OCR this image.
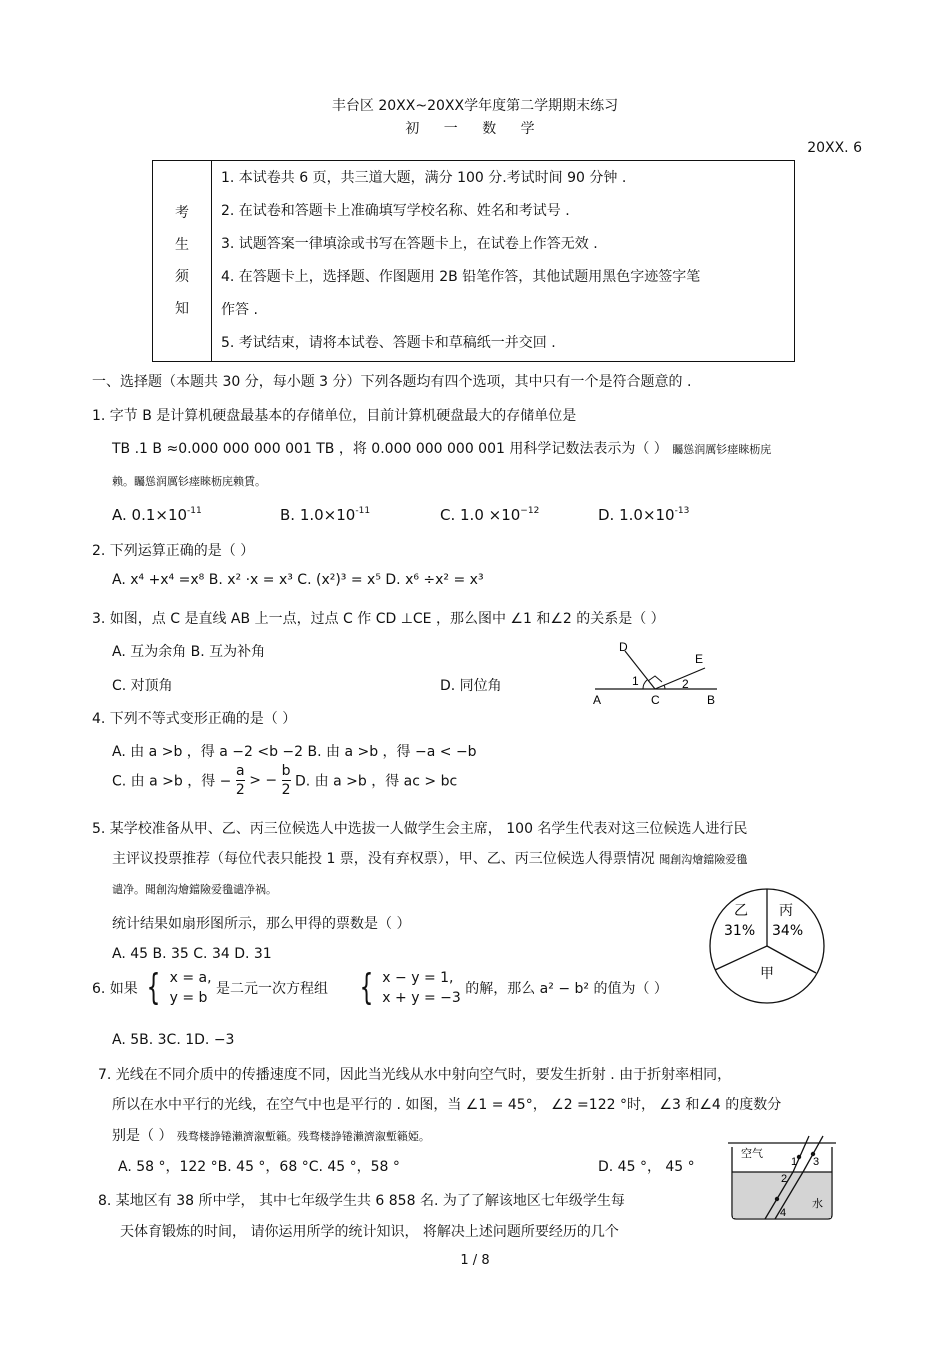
丰台区 20XX~20XX学年度第二学期期末练习
初 一 数 学
20XX. 6
考
生
须
知

1. 本试卷共 6 页，共三道大题，满分 100 分.考试时间 90 分钟 .
2. 在试卷和答题卡上准确填写学校名称、姓名和考试号 .
3. 试题答案一律填涂或书写在答题卡上，在试卷上作答无效 .
4. 在答题卡上，选择题、作图题用 2B 铅笔作答，其他试题用黑色字迹签字笔
作答 .
5. 考试结束，请将本试卷、答题卡和草稿纸一并交回 .
一、选择题（本题共 30 分，每小题 3 分）下列各题均有四个选项，其中只有一个是符合题意的 .
1. 字节 B 是计算机硬盘最基本的存储单位，目前计算机硬盘最大的存储单位是
TB .1 B ≈0.000 000 000 001 TB ，将 0.000 000 000 001 用科学记数法表示为（ ） 矚慫润厲钐瘗睞枥庑
赖。矚慫润厲钐瘗睞枥庑赖賃。
A. $0.1\times 10^{-11}$	B. $1.0\times 10^{-11}$	C. $1.0 \times 10^{-12}$	D. $1.0\times 10^{-13}$
2. 下列运算正确的是（ ）
A. x⁴ +x⁴ =x⁸ B. x² ·x = x³ C. (x²)³ = x⁵ D. x⁶ ÷x² = x³
3. 如图，点 C 是直线 AB 上一点，过点 C 作 CD ⊥CE ，那么图中 ∠1 和∠2 的关系是（ ）
A. 互为余角 B. 互为补角
C. 对顶角	D. 同位角
D
E
A	C	B
1	2
4. 下列不等式变形正确的是（ ）
A. 由 a >b ，得 a −2 <b −2 B. 由 a >b ，得 −a < −b
C. 由 a >b ，得 − $\frac{a}{2}$ > − $\frac{b}{2} D$. 由 a >b ，得 ac > bc
5. 某学校准备从甲、乙、丙三位候选人中选拔一人做学生会主席， 100 名学生代表对这三位候选人进行民
主评议投票推荐（每位代表只能投 1 票，没有弃权票），甲、乙、丙三位候选人得票情况 聞創沟燴鐺險爱氇
谴净。聞創沟燴鐺險爱氇谴净祸。
统计结果如扇形图所示，那么甲得的票数是（ ）
A. 45 B. 35 C. 34 D. 31
乙
31%
丙
34%
甲
6. 如果 { x = a,
y = b
是二元一次方程组 { x − y = 1,
x + y = −3
的解，那么 a² − b² 的值为（ ）
A. 5B. 3C. 1D. −3
7. 光线在不同介质中的传播速度不同，因此当光线从水中射向空气时，要发生折射 . 由于折射率相同，
所以在水中平行的光线，在空气中也是平行的 . 如图，当 ∠1 = 45°， ∠2 =122 °时， ∠3 和∠4 的度数分
别是（ ） 残骛楼諍锩瀨濟溆塹籟。残骛楼諍锩瀨濟溆塹籟婭。
A. 58 °，122 °B. 45 °，68 °C. 45 °，58 °	D. 45 °， 45 °
空气
水
1
2
3
4
8. 某地区有 38 所中学， 其中七年级学生共 6 858 名. 为了了解该地区七年级学生每
天体育锻炼的时间， 请你运用所学的统计知识， 将解决上述问题所要经历的几个
1 / 8
